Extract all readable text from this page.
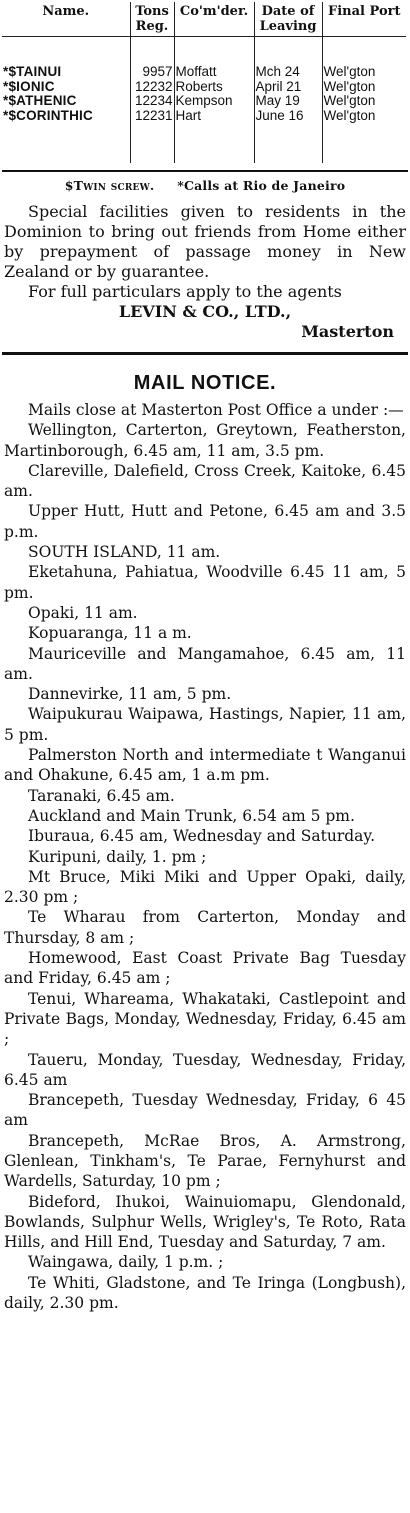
Name.	Tons Reg.	Co'm'der.	Date of Leaving	Final Port

*$TAINUI	9957	Moffatt	Mch 24	Wel'gton
*$IONIC	12232	Roberts	April 21	Wel'gton
*$ATHENIC	12234	Kempson	May 19	Wel'gton
*$CORINTHIC	12231	Hart	June 16	Wel'gton

$Twin screw. *Calls at Rio de Janeiro
Special facilities given to residents in the Dominion to bring out friends from Home either by prepayment of passage money in New Zealand or by guarantee.
For full particulars apply to the agents
LEVIN & CO., LTD.,
Masterton
MAIL NOTICE.

Mails close at Masterton Post Office a under :—

Wellington, Carterton, Greytown, Featherston, Martinborough, 6.45 am, 11 am, 3.5 pm.

Clareville, Dalefield, Cross Creek, Kaitoke, 6.45 am.

Upper Hutt, Hutt and Petone, 6.45 am and 3.5 p.m.

SOUTH ISLAND, 11 am.

Eketahuna, Pahiatua, Woodville 6.45 11 am, 5 pm.

Opaki, 11 am.

Kopuaranga, 11 a m.

Mauriceville and Mangamahoe, 6.45 am, 11 am.

Dannevirke, 11 am, 5 pm.

Waipukurau Waipawa, Hastings, Napier, 11 am, 5 pm.

Palmerston North and intermediate t Wanganui and Ohakune, 6.45 am, 1 a.m pm.

Taranaki, 6.45 am.

Auckland and Main Trunk, 6.54 am 5 pm.

Iburaua, 6.45 am, Wednesday and Saturday.

Kuripuni, daily, 1. pm ;

Mt Bruce, Miki Miki and Upper Opaki, daily, 2.30 pm ;

Te Wharau from Carterton, Monday and Thursday, 8 am ;

Homewood, East Coast Private Bag Tuesday and Friday, 6.45 am ;

Tenui, Whareama, Whakataki, Castlepoint and Private Bags, Monday, Wednesday, Friday, 6.45 am ;

Taueru, Monday, Tuesday, Wednesday, Friday, 6.45 am

Brancepeth, Tuesday Wednesday, Friday, 6 45 am

Brancepeth, McRae Bros, A. Armstrong, Glenlean, Tinkham's, Te Parae, Fernyhurst and Wardells, Saturday, 10 pm ;

Bideford, Ihukoi, Wainuiomapu, Glendonald, Bowlands, Sulphur Wells, Wrigley's, Te Roto, Rata Hills, and Hill End, Tuesday and Saturday, 7 am.

Waingawa, daily, 1 p.m. ;

Te Whiti, Gladstone, and Te Iringa (Longbush), daily, 2.30 pm.
